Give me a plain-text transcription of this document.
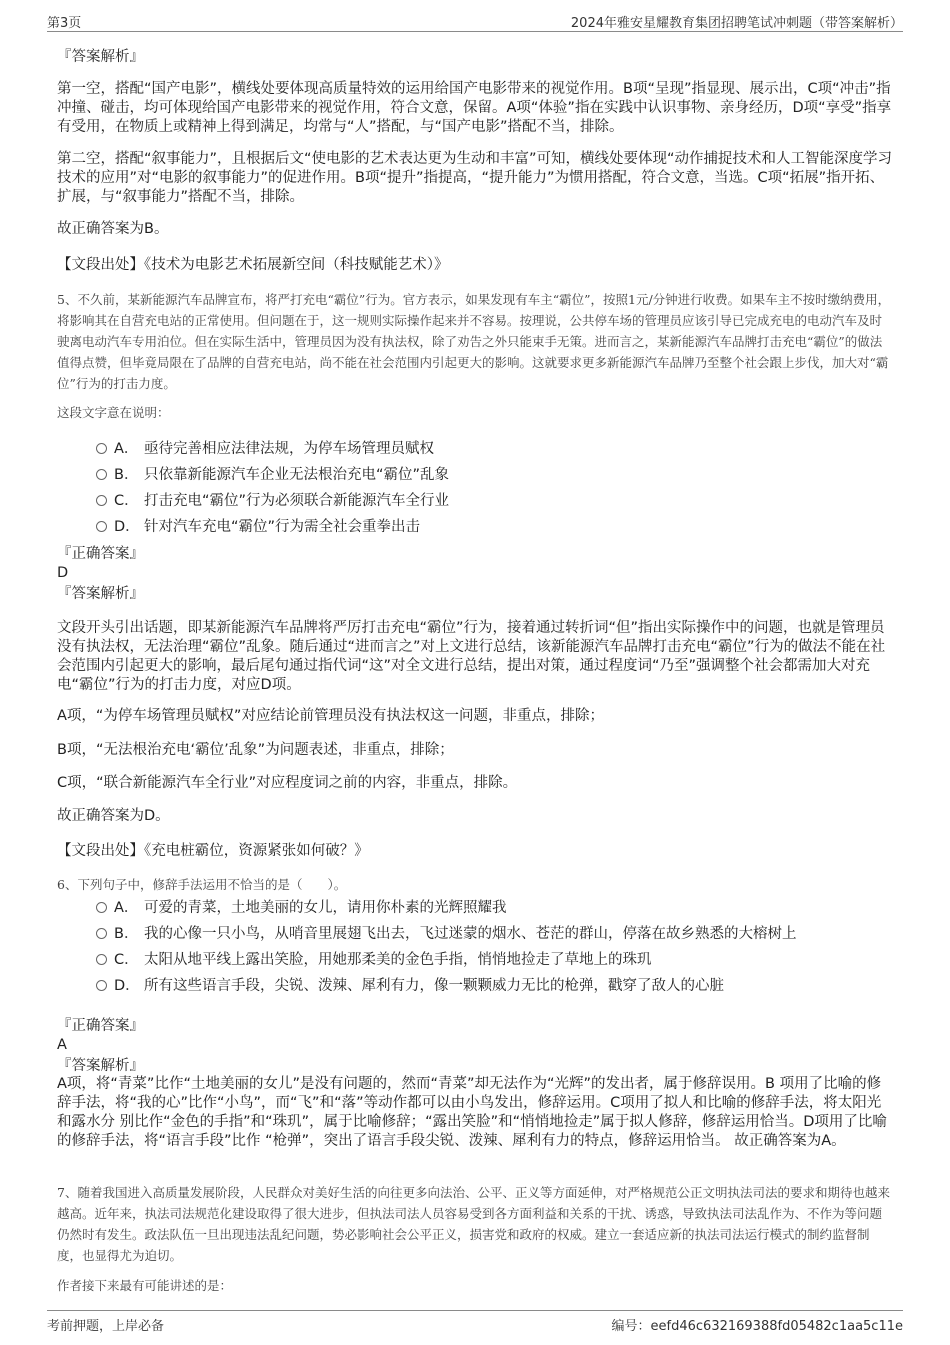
第3页	2024年雅安星耀教育集团招聘笔试冲刺题（带答案解析）
『答案解析』
第一空，搭配“国产电影”，横线处要体现高质量特效的运用给国产电影带来的视觉作用。B项“呈现”指显现、展示出，C项“冲击”指冲撞、碰击，均可体现给国产电影带来的视觉作用，符合文意，保留。A项“体验”指在实践中认识事物、亲身经历，D项“享受”指享有受用，在物质上或精神上得到满足，均常与“人”搭配，与“国产电影”搭配不当，排除。
第二空，搭配“叙事能力”，且根据后文“使电影的艺术表达更为生动和丰富”可知，横线处要体现“动作捕捉技术和人工智能深度学习技术的应用”对“电影的叙事能力”的促进作用。B项“提升”指提高，“提升能力”为惯用搭配，符合文意，当选。C项“拓展”指开拓、扩展，与“叙事能力”搭配不当，排除。
故正确答案为B。
【文段出处】《技术为电影艺术拓展新空间（科技赋能艺术）》
5、不久前，某新能源汽车品牌宣布，将严打充电“霸位”行为。官方表示，如果发现有车主“霸位”，按照1元/分钟进行收费。如果车主不按时缴纳费用，将影响其在自营充电站的正常使用。但问题在于，这一规则实际操作起来并不容易。按理说，公共停车场的管理员应该引导已完成充电的电动汽车及时驶离电动汽车专用泊位。但在实际生活中，管理员因为没有执法权，除了劝告之外只能束手无策。进而言之，某新能源汽车品牌打击充电“霸位”的做法值得点赞，但毕竟局限在了品牌的自营充电站，尚不能在社会范围内引起更大的影响。这就要求更多新能源汽车品牌乃至整个社会跟上步伐，加大对“霸位”行为的打击力度。
这段文字意在说明：
A． 亟待完善相应法律法规，为停车场管理员赋权
B． 只依靠新能源汽车企业无法根治充电“霸位”乱象
C． 打击充电“霸位”行为必须联合新能源汽车全行业
D． 针对汽车充电“霸位”行为需全社会重拳出击
『正确答案』
D
『答案解析』
文段开头引出话题，即某新能源汽车品牌将严厉打击充电“霸位”行为，接着通过转折词“但”指出实际操作中的问题，也就是管理员没有执法权，无法治理“霸位”乱象。随后通过“进而言之”对上文进行总结，该新能源汽车品牌打击充电“霸位”行为的做法不能在社会范围内引起更大的影响，最后尾句通过指代词“这”对全文进行总结，提出对策，通过程度词“乃至”强调整个社会都需加大对充电“霸位”行为的打击力度，对应D项。
A项，“为停车场管理员赋权”对应结论前管理员没有执法权这一问题，非重点，排除；
B项，“无法根治充电‘霸位’乱象”为问题表述，非重点，排除；
C项，“联合新能源汽车全行业”对应程度词之前的内容，非重点，排除。
故正确答案为D。
【文段出处】《充电桩霸位，资源紧张如何破？》
6、下列句子中，修辞手法运用不恰当的是（　　）。
A． 可爱的青菜，土地美丽的女儿，请用你朴素的光辉照耀我
B． 我的心像一只小鸟，从哨音里展翅飞出去，飞过迷蒙的烟水、苍茫的群山，停落在故乡熟悉的大榕树上
C． 太阳从地平线上露出笑脸，用她那柔美的金色手指，悄悄地捡走了草地上的珠玑
D． 所有这些语言手段，尖锐、泼辣、犀利有力，像一颗颗威力无比的枪弹，戳穿了敌人的心脏
『正确答案』
A
『答案解析』
A项，将“青菜”比作“土地美丽的女儿”是没有问题的，然而“青菜”却无法作为“光辉”的发出者，属于修辞误用。B 项用了比喻的修辞手法，将“我的心”比作“小鸟”，而“飞”和“落”等动作都可以由小鸟发出，修辞运用。C项用了拟人和比喻的修辞手法，将太阳光和露水分 别比作“金色的手指”和“珠玑”，属于比喻修辞；“露出笑脸”和“悄悄地捡走”属于拟人修辞，修辞运用恰当。D项用了比喻的修辞手法，将“语言手段”比作 “枪弹”，突出了语言手段尖锐、泼辣、犀利有力的特点，修辞运用恰当。 故正确答案为A。
7、随着我国进入高质量发展阶段，人民群众对美好生活的向往更多向法治、公平、正义等方面延伸，对严格规范公正文明执法司法的要求和期待也越来越高。近年来，执法司法规范化建设取得了很大进步，但执法司法人员容易受到各方面利益和关系的干扰、诱惑，导致执法司法乱作为、不作为等问题仍然时有发生。政法队伍一旦出现违法乱纪问题，势必影响社会公平正义，损害党和政府的权威。建立一套适应新的执法司法运行模式的制约监督制度，也显得尤为迫切。
作者接下来最有可能讲述的是：
考前押题，上岸必备	编号：eefd46c632169388fd05482c1aa5c11e
